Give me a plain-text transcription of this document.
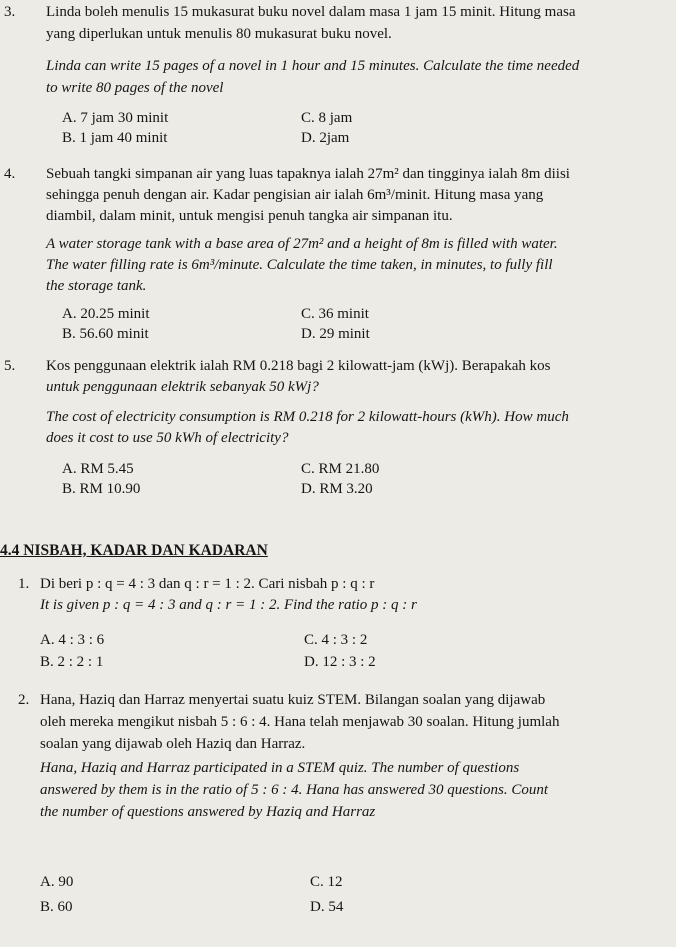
3. Linda boleh menulis 15 mukasurat buku novel dalam masa 1 jam 15 minit. Hitung masa
yang diperlukan untuk menulis 80 mukasurat buku novel.
Linda can write 15 pages of a novel in 1 hour and 15 minutes. Calculate the time needed
to write 80 pages of the novel
A. 7 jam 30 minit	C. 8 jam
B. 1 jam 40 minit	D. 2jam
4. Sebuah tangki simpanan air yang luas tapaknya ialah 27m² dan tingginya ialah 8m diisi
sehingga penuh dengan air. Kadar pengisian air ialah 6m³/minit. Hitung masa yang
diambil, dalam minit, untuk mengisi penuh tangka air simpanan itu.
A water storage tank with a base area of 27m² and a height of 8m is filled with water.
The water filling rate is 6m³/minute. Calculate the time taken, in minutes, to fully fill
the storage tank.
A. 20.25 minit	C. 36 minit
B. 56.60 minit	D. 29 minit
5. Kos penggunaan elektrik ialah RM 0.218 bagi 2 kilowatt-jam (kWj). Berapakah kos
untuk penggunaan elektrik sebanyak 50 kWj?
The cost of electricity consumption is RM 0.218 for 2 kilowatt-hours (kWh). How much
does it cost to use 50 kWh of electricity?
A. RM 5.45	C. RM 21.80
B. RM 10.90	D. RM 3.20
4.4 NISBAH, KADAR DAN KADARAN
1. Di beri p : q = 4 : 3 dan q : r = 1 : 2. Cari nisbah p : q : r
It is given p : q = 4 : 3 and q : r = 1 : 2. Find the ratio p : q : r
A. 4 : 3 : 6	C. 4 : 3 : 2
B. 2 : 2 : 1	D. 12 : 3 : 2
2. Hana, Haziq dan Harraz menyertai suatu kuiz STEM. Bilangan soalan yang dijawab
oleh mereka mengikut nisbah 5 : 6 : 4. Hana telah menjawab 30 soalan. Hitung jumlah
soalan yang dijawab oleh Haziq dan Harraz.
Hana, Haziq and Harraz participated in a STEM quiz. The number of questions
answered by them is in the ratio of 5 : 6 : 4. Hana has answered 30 questions. Count
the number of questions answered by Haziq and Harraz
A. 90	C. 12
B. 60	D. 54
